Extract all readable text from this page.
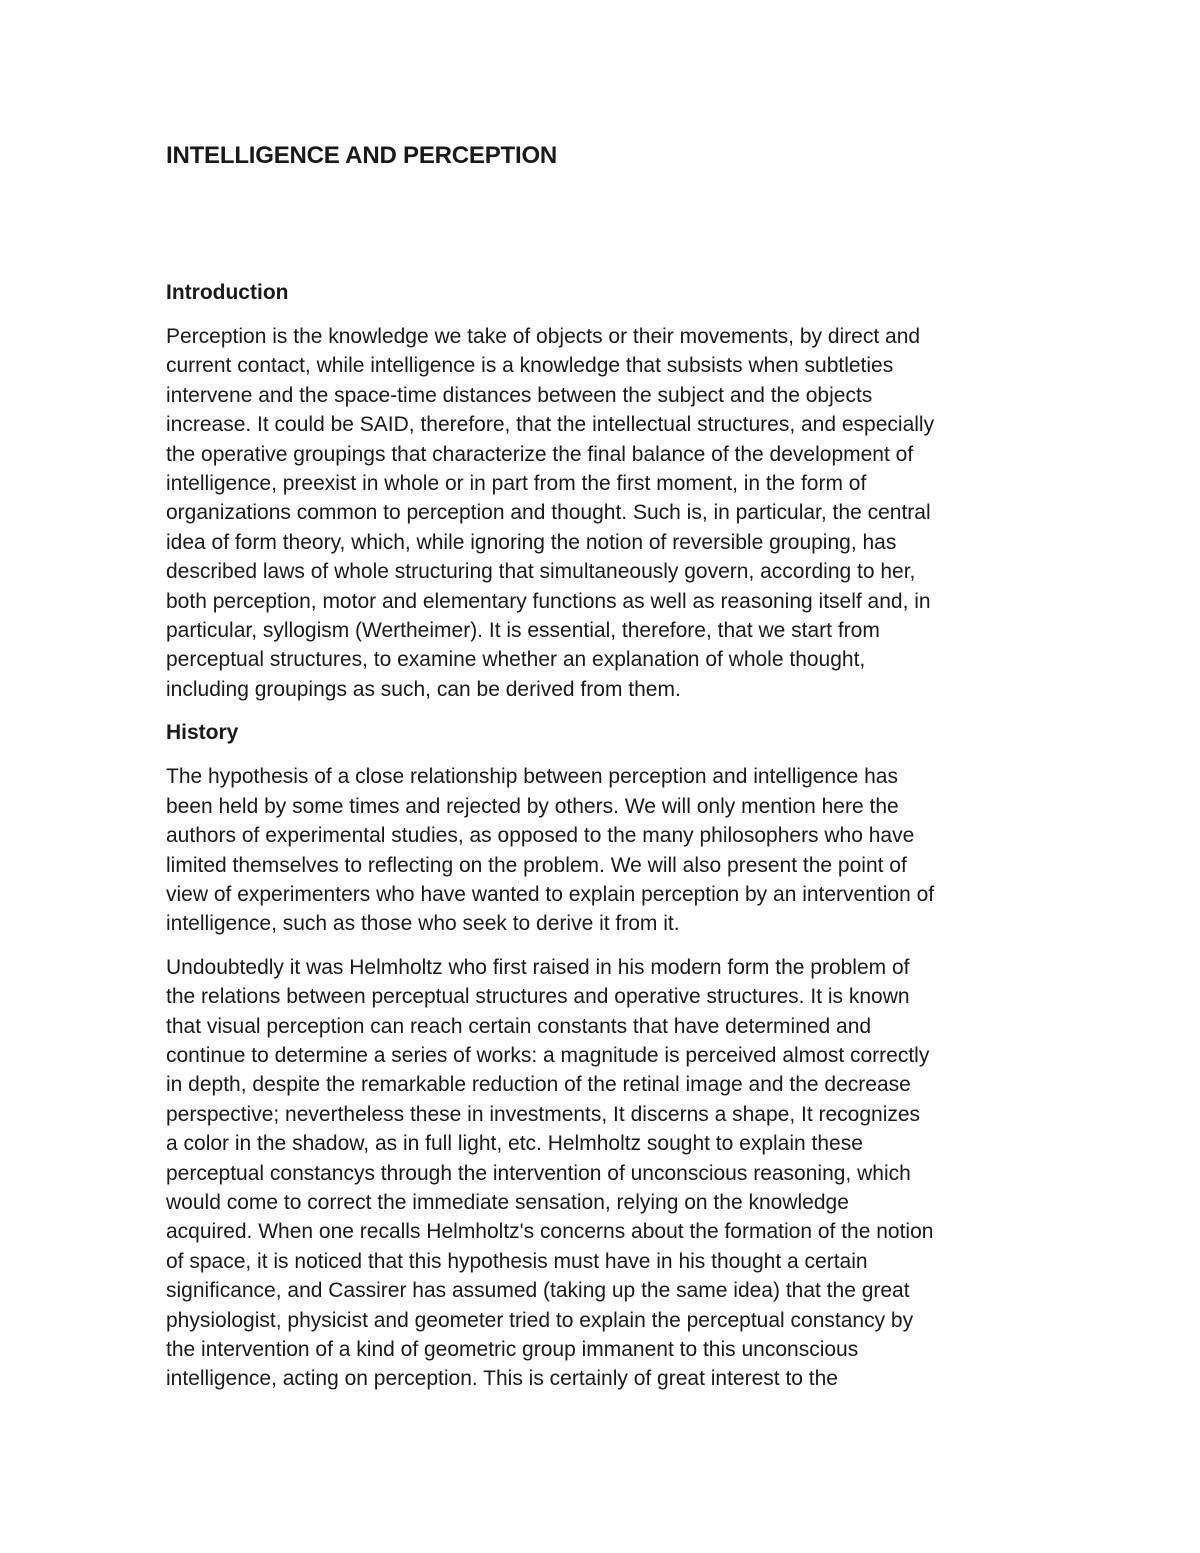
INTELLIGENCE AND PERCEPTION
Introduction

Perception is the knowledge we take of objects or their movements, by direct and
current contact, while intelligence is a knowledge that subsists when subtleties
intervene and the space-time distances between the subject and the objects
increase. It could be SAID, therefore, that the intellectual structures, and especially
the operative groupings that characterize the final balance of the development of
intelligence, preexist in whole or in part from the first moment, in the form of
organizations common to perception and thought. Such is, in particular, the central
idea of form theory, which, while ignoring the notion of reversible grouping, has
described laws of whole structuring that simultaneously govern, according to her,
both perception, motor and elementary functions as well as reasoning itself and, in
particular, syllogism (Wertheimer). It is essential, therefore, that we start from
perceptual structures, to examine whether an explanation of whole thought,
including groupings as such, can be derived from them.

History

The hypothesis of a close relationship between perception and intelligence has
been held by some times and rejected by others. We will only mention here the
authors of experimental studies, as opposed to the many philosophers who have
limited themselves to reflecting on the problem. We will also present the point of
view of experimenters who have wanted to explain perception by an intervention of
intelligence, such as those who seek to derive it from it.

Undoubtedly it was Helmholtz who first raised in his modern form the problem of
the relations between perceptual structures and operative structures. It is known
that visual perception can reach certain constants that have determined and
continue to determine a series of works: a magnitude is perceived almost correctly
in depth, despite the remarkable reduction of the retinal image and the decrease
perspective; nevertheless these in investments, It discerns a shape, It recognizes
a color in the shadow, as in full light, etc. Helmholtz sought to explain these
perceptual constancys through the intervention of unconscious reasoning, which
would come to correct the immediate sensation, relying on the knowledge
acquired. When one recalls Helmholtz's concerns about the formation of the notion
of space, it is noticed that this hypothesis must have in his thought a certain
significance, and Cassirer has assumed (taking up the same idea) that the great
physiologist, physicist and geometer tried to explain the perceptual constancy by
the intervention of a kind of geometric group immanent to this unconscious
intelligence, acting on perception. This is certainly of great interest to the
